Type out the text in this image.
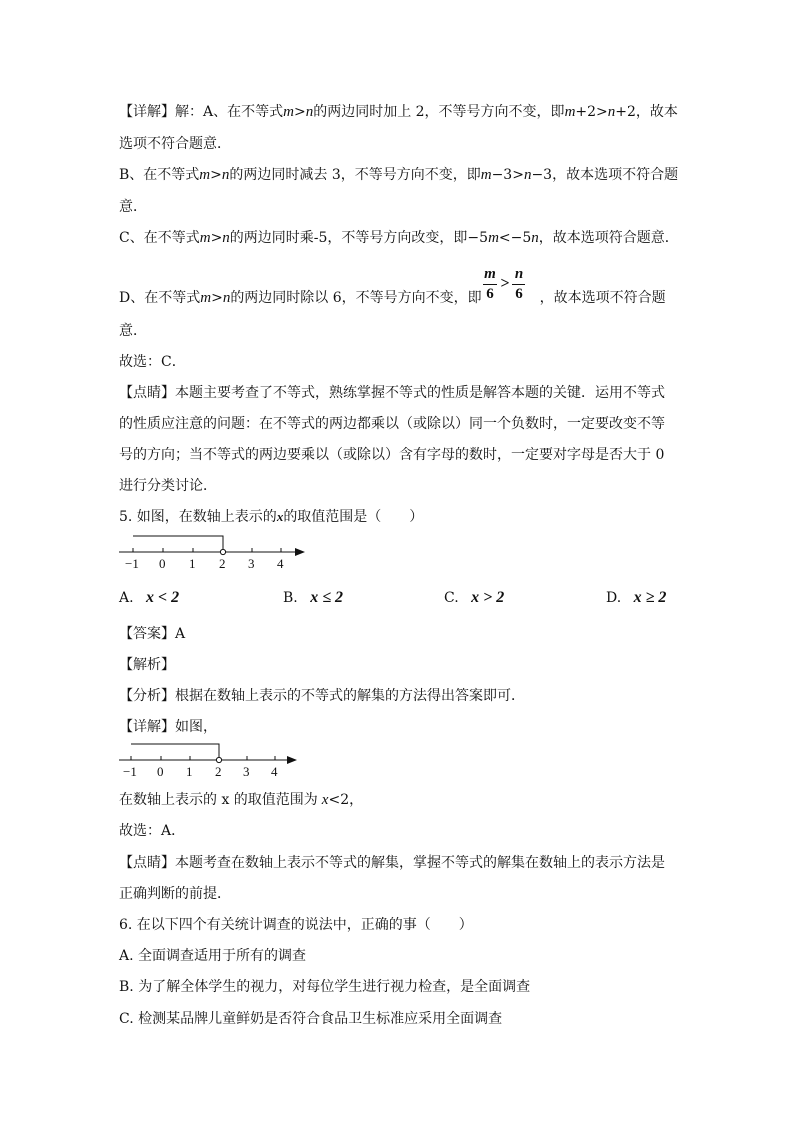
【详解】解：A、在不等式m>n的两边同时加上 2，不等号方向不变，即m+2>n+2，故本
选项不符合题意．
B、在不等式m>n的两边同时减去 3，不等号方向不变，即m−3>n−3，故本选项不符合题
意．
C、在不等式m>n的两边同时乘-5，不等号方向改变，即−5m<−5n，故本选项符合题意．
D、在不等式m>n的两边同时除以 6，不等号方向不变，即	，故本选项不符合题
m
6
>
n
6
意．
故选：C．
【点睛】本题主要考查了不等式，熟练掌握不等式的性质是解答本题的关键．运用不等式
的性质应注意的问题：在不等式的两边都乘以（或除以）同一个负数时，一定要改变不等
号的方向；当不等式的两边要乘以（或除以）含有字母的数时，一定要对字母是否大于 0
进行分类讨论．
5. 如图，在数轴上表示的x的取值范围是（　　）
−1 0 1 2 3 4
A. x < 2	B. x ≤ 2	C. x > 2	D. x ≥ 2
【答案】A
【解析】
【分析】根据在数轴上表示的不等式的解集的方法得出答案即可．
【详解】如图，
−1 0 1 2 3 4
在数轴上表示的 x 的取值范围为 x<2，
故选：A．
【点睛】本题考查在数轴上表示不等式的解集，掌握不等式的解集在数轴上的表示方法是
正确判断的前提．
6. 在以下四个有关统计调查的说法中，正确的事（　　）
A. 全面调查适用于所有的调查
B. 为了解全体学生的视力，对每位学生进行视力检查，是全面调查
C. 检测某品牌儿童鲜奶是否符合食品卫生标准应采用全面调查
